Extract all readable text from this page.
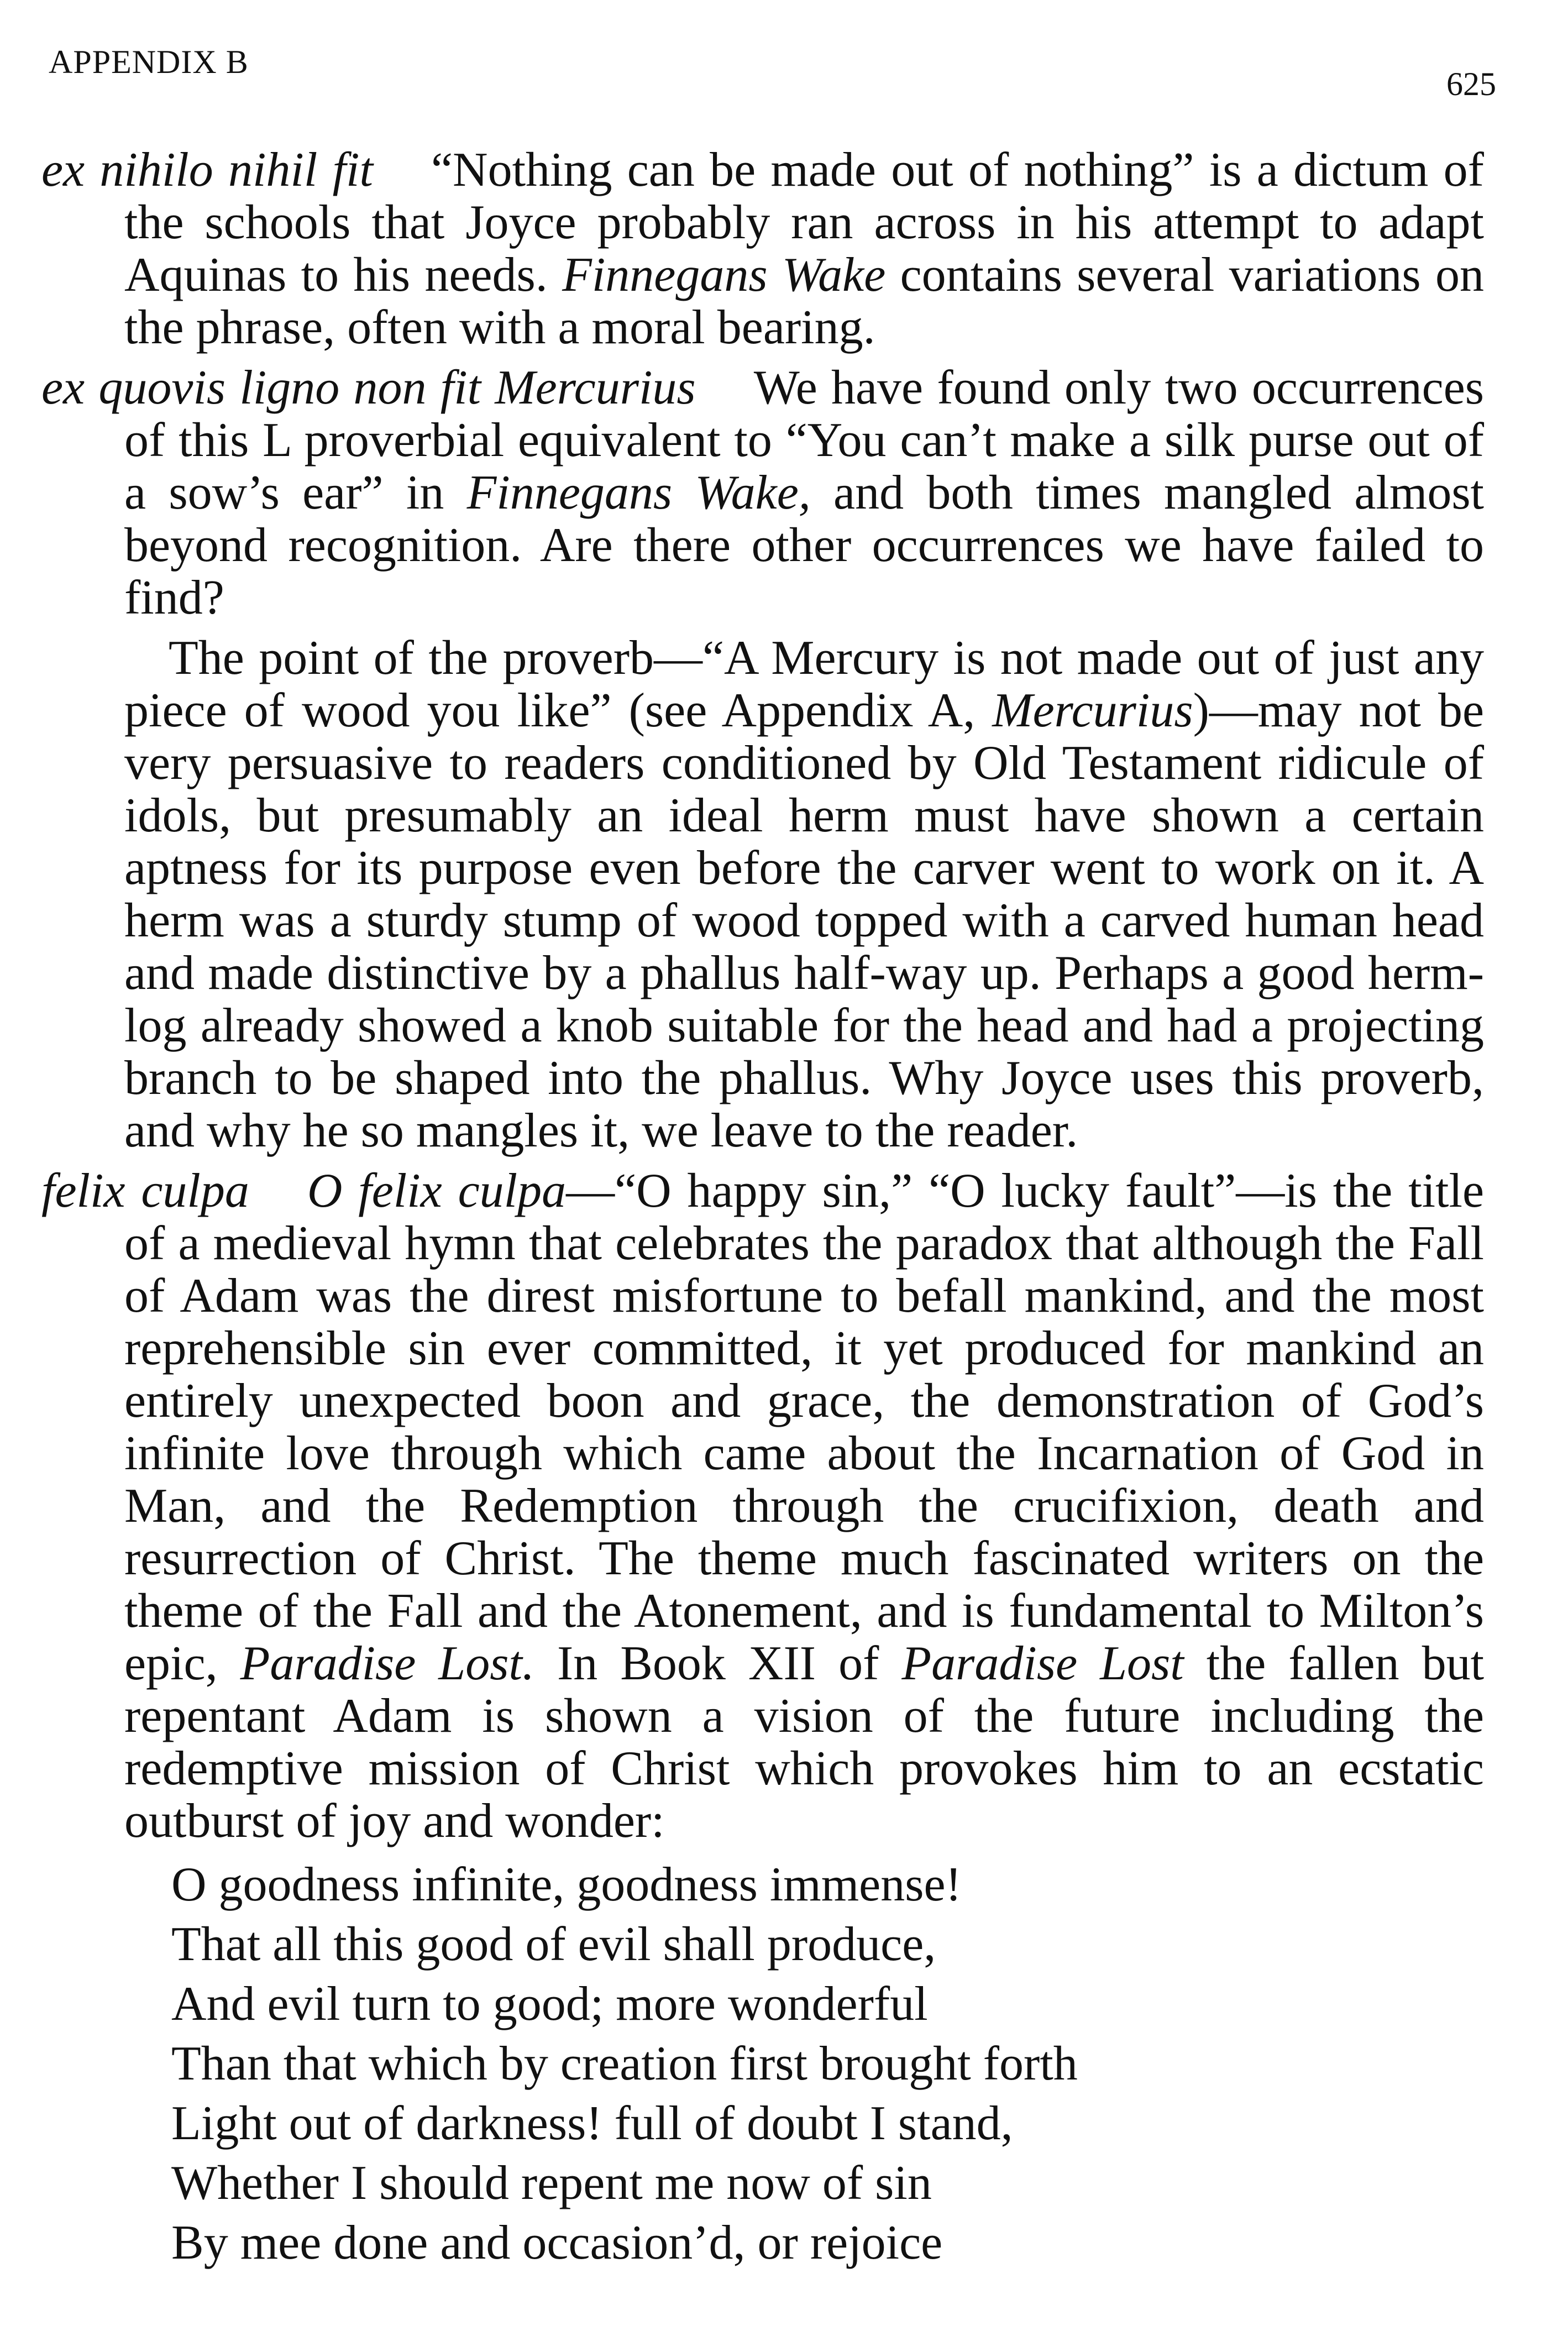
APPENDIX B
625

ex nihilo nihil fit “Nothing can be made out of nothing” is a dictum of the schools that Joyce probably ran across in his attempt to adapt Aquinas to his needs. Finnegans Wake contains several variations on the phrase, often with a moral bearing.

ex quovis ligno non fit Mercurius We have found only two occurrences of this L proverbial equivalent to “You can’t make a silk purse out of a sow’s ear” in Finnegans Wake, and both times mangled almost beyond recognition. Are there other occurrences we have failed to find?

The point of the proverb—“A Mercury is not made out of just any piece of wood you like” (see Appendix A, Mercurius)—may not be very persuasive to readers conditioned by Old Testament ridicule of idols, but presumably an ideal herm must have shown a certain aptness for its purpose even before the carver went to work on it. A herm was a sturdy stump of wood topped with a carved human head and made distinctive by a phallus half-way up. Perhaps a good herm-log already showed a knob suitable for the head and had a projecting branch to be shaped into the phallus. Why Joyce uses this proverb, and why he so mangles it, we leave to the reader.

felix culpa O felix culpa—“O happy sin,” “O lucky fault”—is the title of a medieval hymn that celebrates the paradox that although the Fall of Adam was the direst misfortune to befall mankind, and the most reprehensible sin ever committed, it yet produced for mankind an entirely unexpected boon and grace, the demonstration of God’s infinite love through which came about the Incarnation of God in Man, and the Redemption through the crucifixion, death and resurrection of Christ. The theme much fascinated writers on the theme of the Fall and the Atonement, and is fundamental to Milton’s epic, Paradise Lost. In Book XII of Paradise Lost the fallen but repentant Adam is shown a vision of the future including the redemptive mission of Christ which provokes him to an ecstatic outburst of joy and wonder:

O goodness infinite, goodness immense!
That all this good of evil shall produce,
And evil turn to good; more wonderful
Than that which by creation first brought forth
Light out of darkness! full of doubt I stand,
Whether I should repent me now of sin
By mee done and occasion’d, or rejoice
